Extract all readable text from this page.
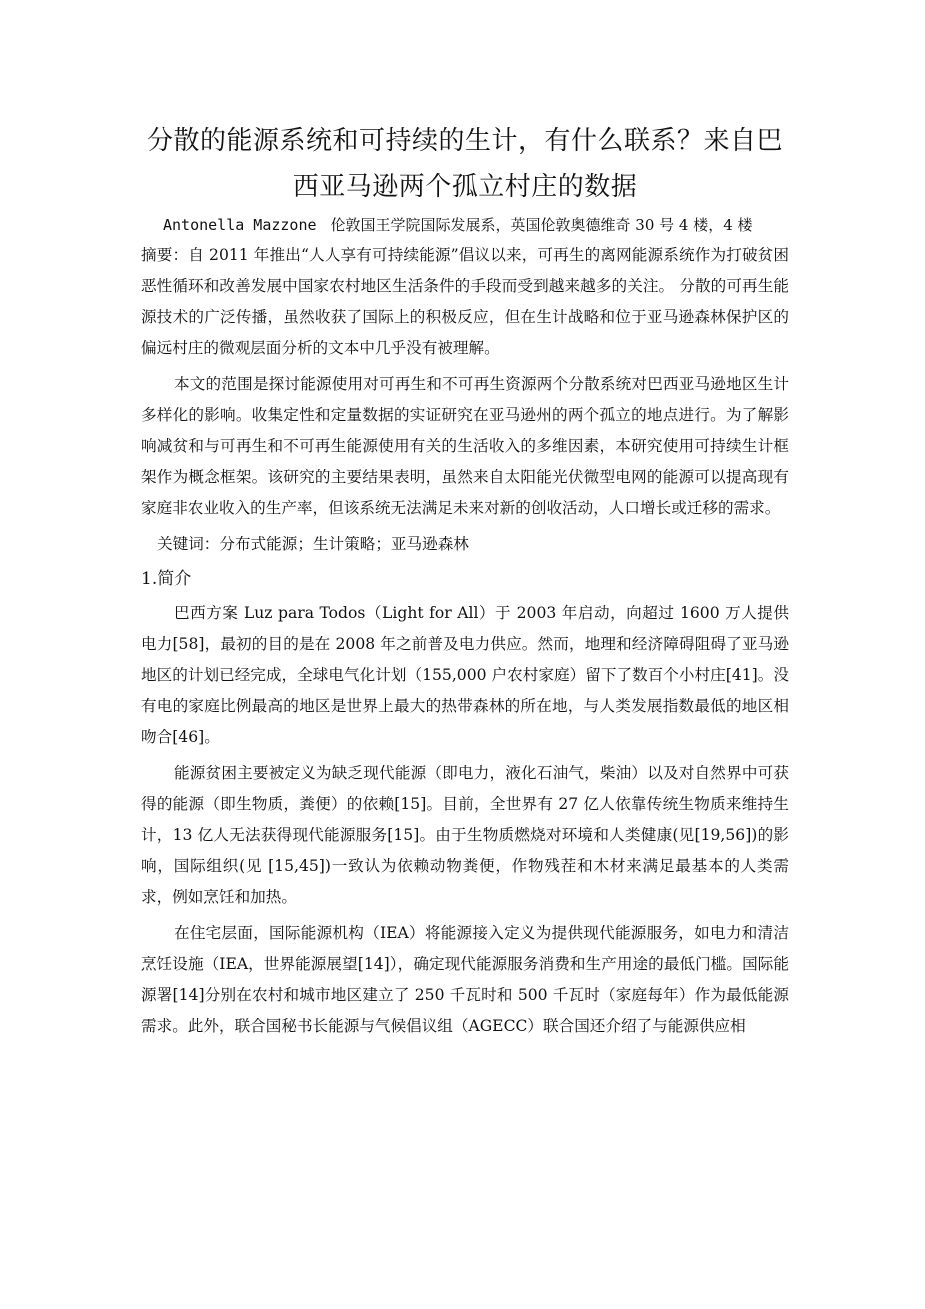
分散的能源系统和可持续的生计，有什么联系？来自巴西亚马逊两个孤立村庄的数据
Antonella Mazzone 伦敦国王学院国际发展系，英国伦敦奥德维奇 30 号 4 楼，4 楼

摘要：自 2011 年推出“人人享有可持续能源”倡议以来，可再生的离网能源系统作为打破贫困恶性循环和改善发展中国家农村地区生活条件的手段而受到越来越多的关注。 分散的可再生能源技术的广泛传播，虽然收获了国际上的积极反应，但在生计战略和位于亚马逊森林保护区的偏远村庄的微观层面分析的文本中几乎没有被理解。

本文的范围是探讨能源使用对可再生和不可再生资源两个分散系统对巴西亚马逊地区生计多样化的影响。收集定性和定量数据的实证研究在亚马逊州的两个孤立的地点进行。为了解影响减贫和与可再生和不可再生能源使用有关的生活收入的多维因素，本研究使用可持续生计框架作为概念框架。该研究的主要结果表明，虽然来自太阳能光伏微型电网的能源可以提高现有家庭非农业收入的生产率，但该系统无法满足未来对新的创收活动，人口增长或迁移的需求。

关键词：分布式能源；生计策略；亚马逊森林
1.简介

巴西方案 Luz para Todos（Light for All）于 2003 年启动，向超过 1600 万人提供电力[58]，最初的目的是在 2008 年之前普及电力供应。然而，地理和经济障碍阻碍了亚马逊地区的计划已经完成，全球电气化计划（155,000 户农村家庭）留下了数百个小村庄[41]。没有电的家庭比例最高的地区是世界上最大的热带森林的所在地，与人类发展指数最低的地区相吻合[46]。

能源贫困主要被定义为缺乏现代能源（即电力，液化石油气，柴油）以及对自然界中可获得的能源（即生物质，粪便）的依赖[15]。目前，全世界有 27 亿人依靠传统生物质来维持生计，13 亿人无法获得现代能源服务[15]。由于生物质燃烧对环境和人类健康(见[19,56])的影响，国际组织(见 [15,45])一致认为依赖动物粪便，作物残茬和木材来满足最基本的人类需求，例如烹饪和加热。

在住宅层面，国际能源机构（IEA）将能源接入定义为提供现代能源服务，如电力和清洁烹饪设施（IEA，世界能源展望[14]），确定现代能源服务消费和生产用途的最低门槛。国际能源署[14]分别在农村和城市地区建立了 250 千瓦时和 500 千瓦时（家庭每年）作为最低能源需求。此外，联合国秘书长能源与气候倡议组（AGECC）联合国还介绍了与能源供应相
